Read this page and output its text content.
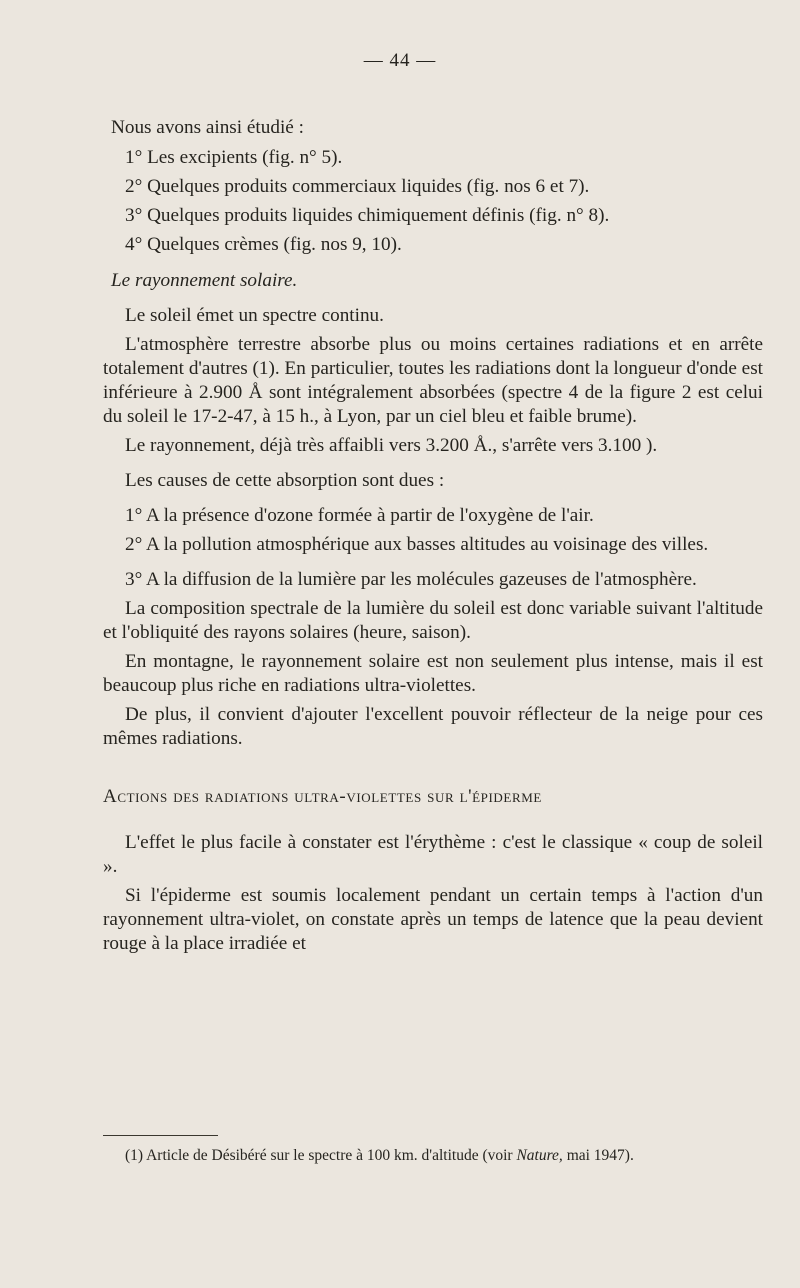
— 44 —

Nous avons ainsi étudié :

1° Les excipients (fig. n° 5).

2° Quelques produits commerciaux liquides (fig. nos 6 et 7).

3° Quelques produits liquides chimiquement définis (fig. n° 8).

4° Quelques crèmes (fig. nos 9, 10).

Le rayonnement solaire.

Le soleil émet un spectre continu.

L'atmosphère terrestre absorbe plus ou moins certaines radiations et en arrête totalement d'autres (1). En particulier, toutes les radiations dont la longueur d'onde est inférieure à 2.900 Å sont intégralement absorbées (spectre 4 de la figure 2 est celui du soleil le 17-2-47, à 15 h., à Lyon, par un ciel bleu et faible brume).

Le rayonnement, déjà très affaibli vers 3.200 Å., s'arrête vers 3.100 ).

Les causes de cette absorption sont dues :

1° A la présence d'ozone formée à partir de l'oxygène de l'air.

2° A la pollution atmosphérique aux basses altitudes au voisinage des villes.

3° A la diffusion de la lumière par les molécules gazeuses de l'atmosphère.

La composition spectrale de la lumière du soleil est donc variable suivant l'altitude et l'obliquité des rayons solaires (heure, saison).

En montagne, le rayonnement solaire est non seulement plus intense, mais il est beaucoup plus riche en radiations ultra-violettes.

De plus, il convient d'ajouter l'excellent pouvoir réflecteur de la neige pour ces mêmes radiations.

Actions des radiations ultra-violettes sur l'épiderme

L'effet le plus facile à constater est l'érythème : c'est le classique « coup de soleil ».

Si l'épiderme est soumis localement pendant un certain temps à l'action d'un rayonnement ultra-violet, on constate après un temps de latence que la peau devient rouge à la place irradiée et

(1) Article de Désibéré sur le spectre à 100 km. d'altitude (voir Nature, mai 1947).
